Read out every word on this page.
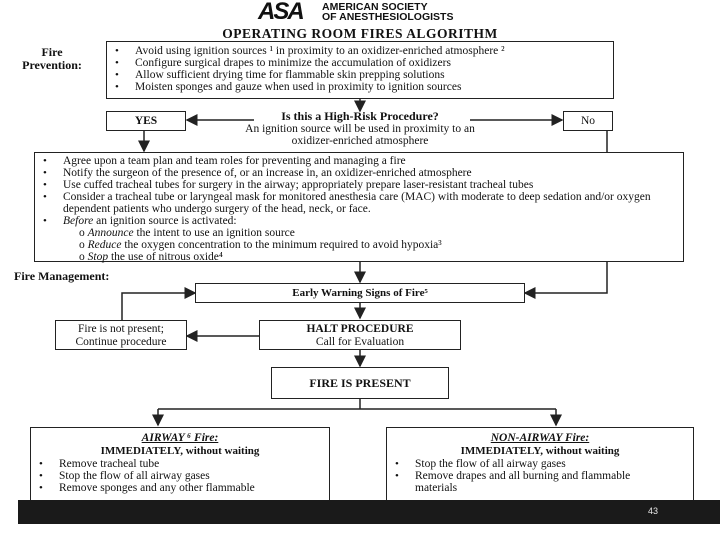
ASA	AMERICAN SOCIETY
OF ANESTHESIOLOGISTS
OPERATING ROOM FIRES ALGORITHM
Fire
Prevention:
• Avoid using ignition sources ¹ in proximity to an oxidizer-enriched atmosphere ²
• Configure surgical drapes to minimize the accumulation of oxidizers
• Allow sufficient drying time for flammable skin prepping solutions
• Moisten sponges and gauze when used in proximity to ignition sources
YES	No
Is this a High-Risk Procedure?
An ignition source will be used in proximity to an
oxidizer-enriched atmosphere
• Agree upon a team plan and team roles for preventing and managing a fire
• Notify the surgeon of the presence of, or an increase in, an oxidizer-enriched atmosphere
• Use cuffed tracheal tubes for surgery in the airway; appropriately prepare laser-resistant tracheal tubes
• Consider a tracheal tube or laryngeal mask for monitored anesthesia care (MAC) with moderate to deep sedation and/or oxygen dependent patients who undergo surgery of the head, neck, or face.
• Before an ignition source is activated:
o Announce the intent to use an ignition source
o Reduce the oxygen concentration to the minimum required to avoid hypoxia³
o Stop the use of nitrous oxide⁴
Fire Management:
Early Warning Signs of Fire⁵
Fire is not present;
Continue procedure
HALT PROCEDURE
Call for Evaluation
FIRE IS PRESENT
AIRWAY ⁶ Fire:
IMMEDIATELY, without waiting
• Remove tracheal tube
• Stop the flow of all airway gases
• Remove sponges and any other flammable
NON-AIRWAY Fire:
IMMEDIATELY, without waiting
• Stop the flow of all airway gases
• Remove drapes and all burning and flammable materials
43
